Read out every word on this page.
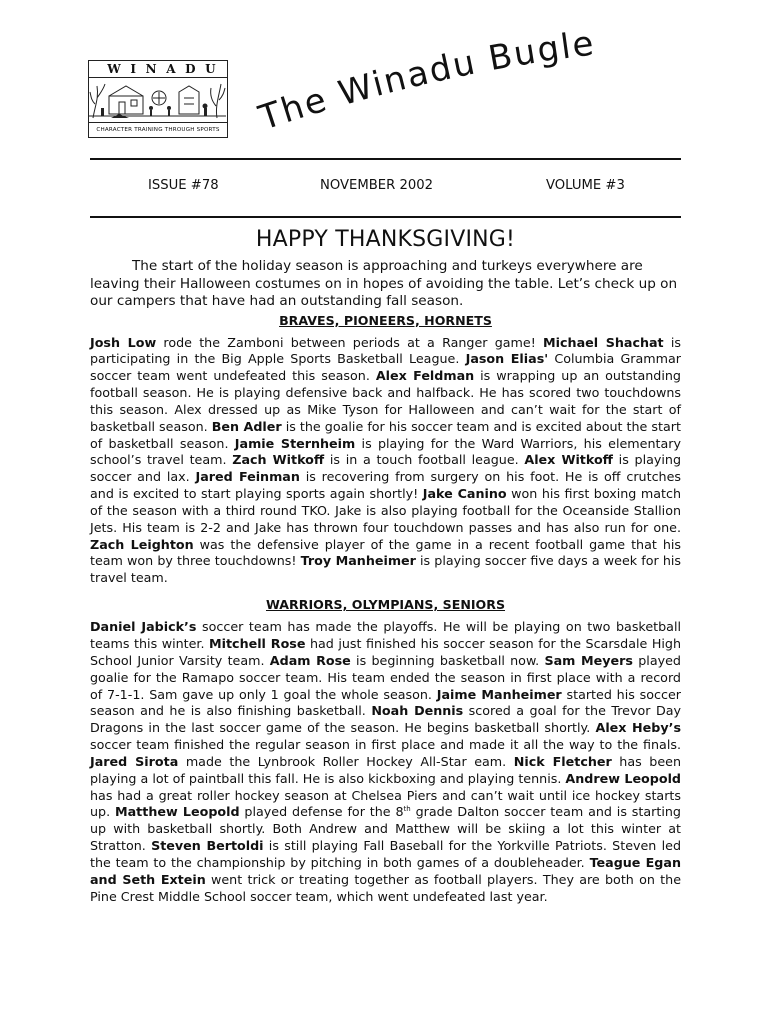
W I N A D U
CHARACTER TRAINING THROUGH SPORTS The Winadu Bugle
ISSUE #78	NOVEMBER 2002	VOLUME #3
HAPPY THANKSGIVING!

The start of the holiday season is approaching and turkeys everywhere are leaving their Halloween costumes on in hopes of avoiding the table. Let’s check up on our campers that have had an outstanding fall season.

BRAVES, PIONEERS, HORNETS

Josh Low rode the Zamboni between periods at a Ranger game! Michael Shachat is participating in the Big Apple Sports Basketball League. Jason Elias' Columbia Grammar soccer team went undefeated this season. Alex Feldman is wrapping up an outstanding football season. He is playing defensive back and halfback. He has scored two touchdowns this season. Alex dressed up as Mike Tyson for Halloween and can’t wait for the start of basketball season. Ben Adler is the goalie for his soccer team and is excited about the start of basketball season. Jamie Sternheim is playing for the Ward Warriors, his elementary school’s travel team. Zach Witkoff is in a touch football league. Alex Witkoff is playing soccer and lax. Jared Feinman is recovering from surgery on his foot. He is off crutches and is excited to start playing sports again shortly! Jake Canino won his first boxing match of the season with a third round TKO. Jake is also playing football for the Oceanside Stallion Jets. His team is 2-2 and Jake has thrown four touchdown passes and has also run for one. Zach Leighton was the defensive player of the game in a recent football game that his team won by three touchdowns! Troy Manheimer is playing soccer five days a week for his travel team.

WARRIORS, OLYMPIANS, SENIORS

Daniel Jabick’s soccer team has made the playoffs. He will be playing on two basketball teams this winter. Mitchell Rose had just finished his soccer season for the Scarsdale High School Junior Varsity team. Adam Rose is beginning basketball now. Sam Meyers played goalie for the Ramapo soccer team. His team ended the season in first place with a record of 7-1-1. Sam gave up only 1 goal the whole season. Jaime Manheimer started his soccer season and he is also finishing basketball. Noah Dennis scored a goal for the Trevor Day Dragons in the last soccer game of the season. He begins basketball shortly. Alex Heby’s soccer team finished the regular season in first place and made it all the way to the finals. Jared Sirota made the Lynbrook Roller Hockey All-Star eam. Nick Fletcher has been playing a lot of paintball this fall. He is also kickboxing and playing tennis. Andrew Leopold has had a great roller hockey season at Chelsea Piers and can’t wait until ice hockey starts up. Matthew Leopold played defense for the 8th grade Dalton soccer team and is starting up with basketball shortly. Both Andrew and Matthew will be skiing a lot this winter at Stratton. Steven Bertoldi is still playing Fall Baseball for the Yorkville Patriots. Steven led the team to the championship by pitching in both games of a doubleheader. Teague Egan and Seth Extein went trick or treating together as football players. They are both on the Pine Crest Middle School soccer team, which went undefeated last year.
